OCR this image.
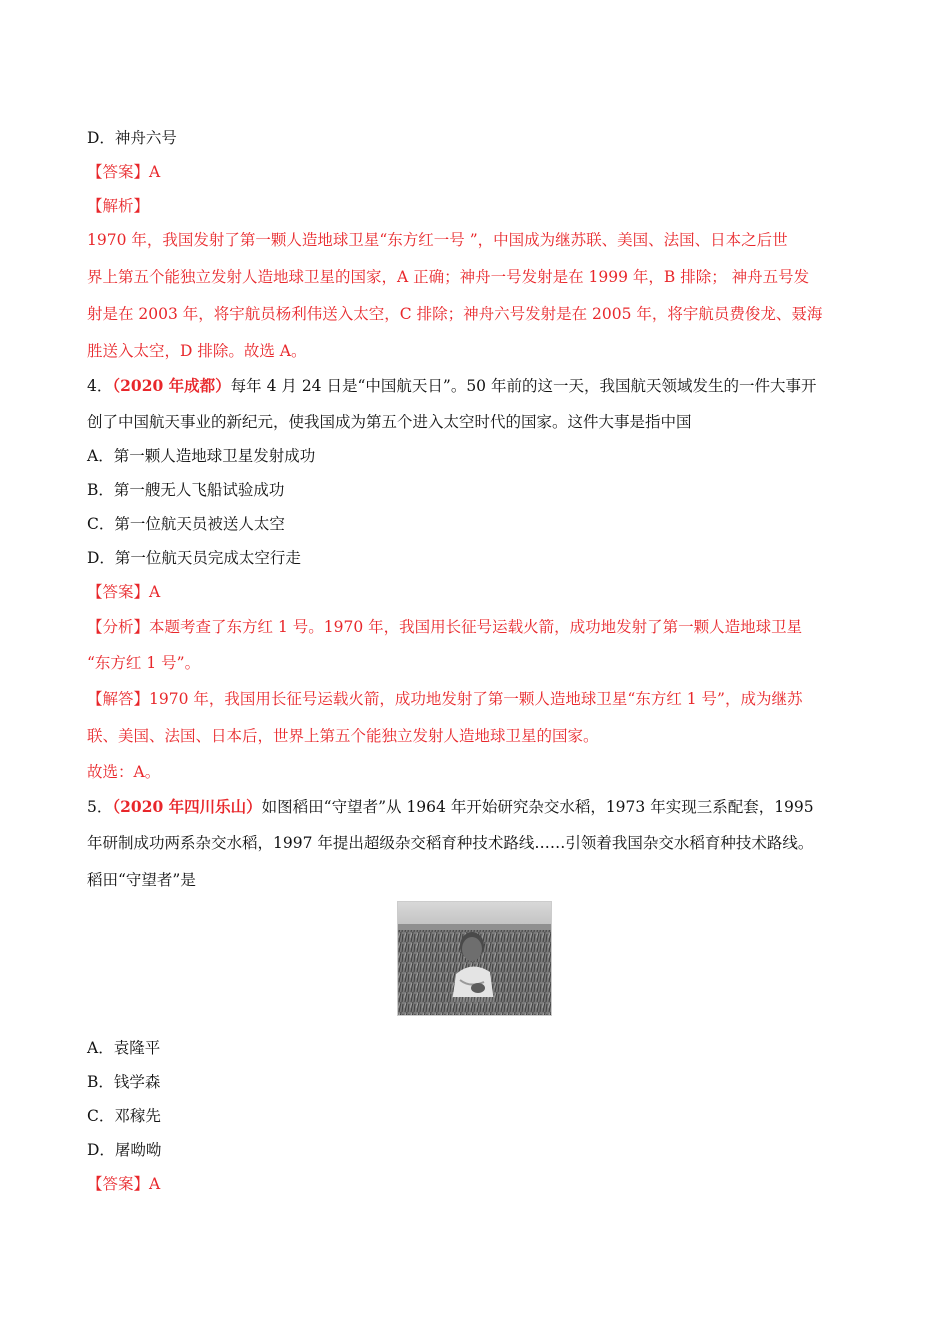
D．神舟六号
【答案】A
【解析】
1970 年，我国发射了第一颗人造地球卫星“东方红一号 ”，中国成为继苏联、美国、法国、日本之后世
界上第五个能独立发射人造地球卫星的国家，A 正确；神舟一号发射是在 1999 年，B 排除； 神舟五号发
射是在 2003 年，将宇航员杨利伟送入太空，C 排除；神舟六号发射是在 2005 年，将宇航员费俊龙、聂海
胜送入太空，D 排除。故选 A。
4．（2020 年成都）每年 4 月 24 日是“中国航天日”。50 年前的这一天，我国航天领域发生的一件大事开
创了中国航天事业的新纪元，使我国成为第五个进入太空时代的国家。这件大事是指中国
A．第一颗人造地球卫星发射成功
B．第一艘无人飞船试验成功
C．第一位航天员被送人太空
D．第一位航天员完成太空行走
【答案】A
【分析】本题考查了东方红 1 号。1970 年，我国用长征号运载火箭，成功地发射了第一颗人造地球卫星
“东方红 1 号”。
【解答】1970 年，我国用长征号运载火箭，成功地发射了第一颗人造地球卫星“东方红 1 号”，成为继苏
联、美国、法国、日本后，世界上第五个能独立发射人造地球卫星的国家。
故选：A。
5．（2020 年四川乐山）如图稻田“守望者”从 1964 年开始研究杂交水稻，1973 年实现三系配套，1995
年研制成功两系杂交水稻，1997 年提出超级杂交稻育种技术路线……引领着我国杂交水稻育种技术路线。
稻田“守望者”是
A．袁隆平
B．钱学森
C．邓稼先
D．屠呦呦
【答案】A
